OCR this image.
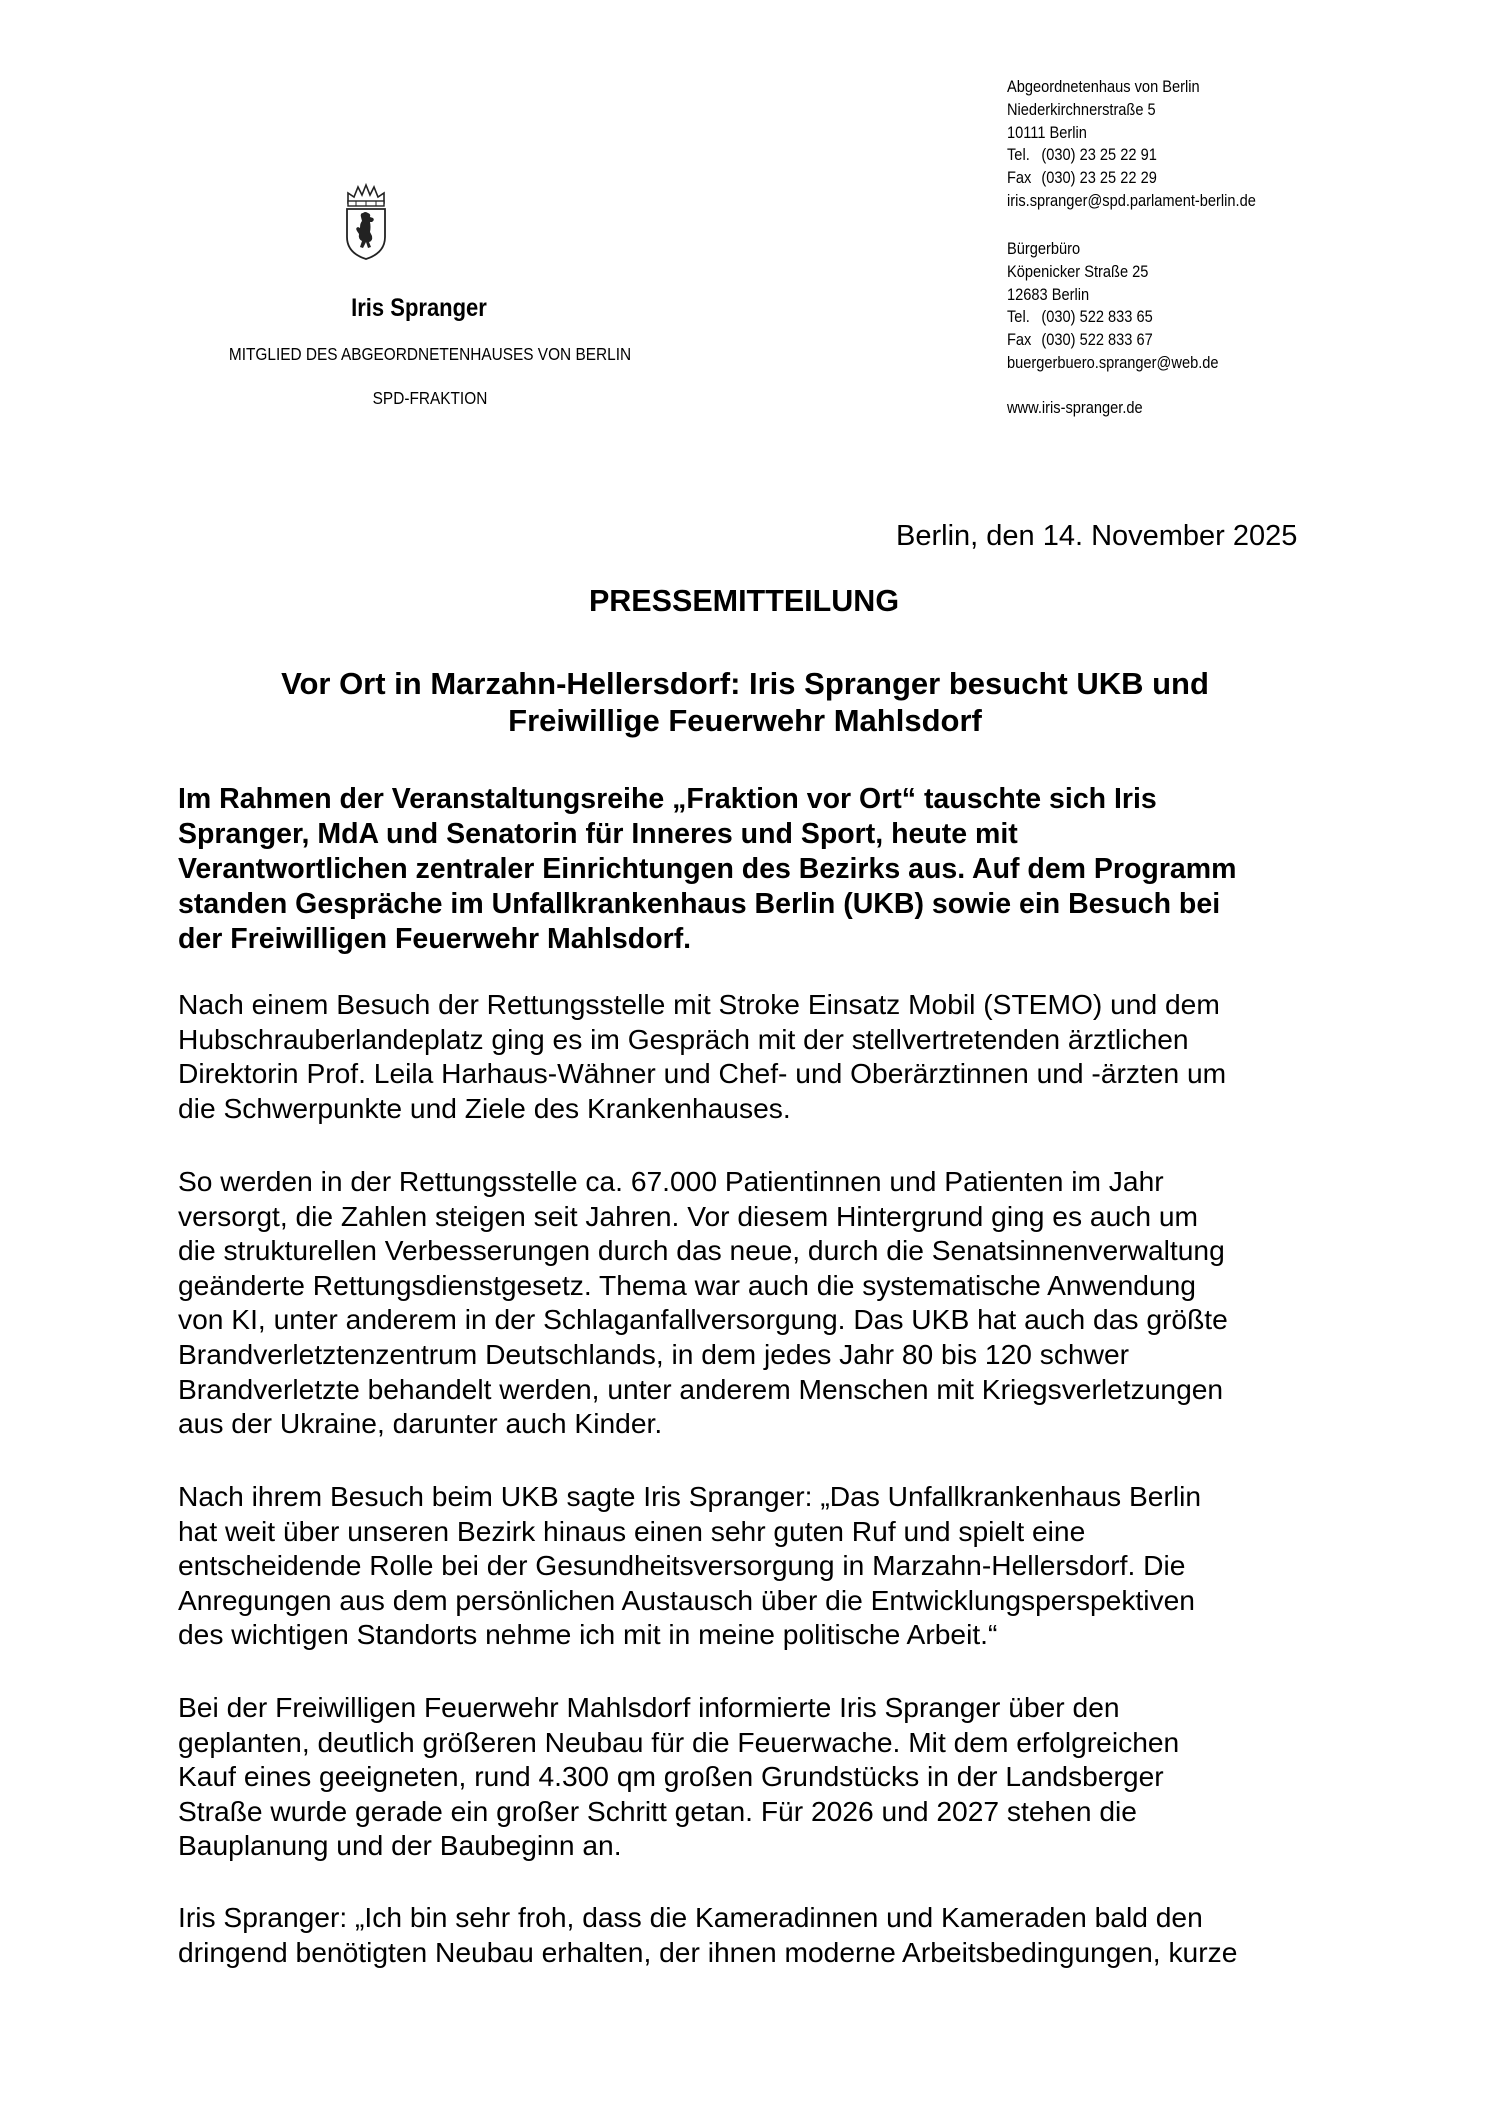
Iris Spranger
MITGLIED DES ABGEORDNETENHAUSES VON BERLIN
SPD-FRAKTION
Abgeordnetenhaus von Berlin
Niederkirchnerstraße 5
10111 Berlin
Tel. (030) 23 25 22 91
Fax (030) 23 25 22 29
iris.spranger@spd.parlament-berlin.de
Bürgerbüro
Köpenicker Straße 25
12683 Berlin
Tel. (030) 522 833 65
Fax (030) 522 833 67
buergerbuero.spranger@web.de
www.iris-spranger.de
Berlin, den 14. November 2025
PRESSEMITTEILUNG
Vor Ort in Marzahn-Hellersdorf: Iris Spranger besucht UKB und
Freiwillige Feuerwehr Mahlsdorf
Im Rahmen der Veranstaltungsreihe „Fraktion vor Ort“ tauschte sich Iris
Spranger, MdA und Senatorin für Inneres und Sport, heute mit
Verantwortlichen zentraler Einrichtungen des Bezirks aus. Auf dem Programm
standen Gespräche im Unfallkrankenhaus Berlin (UKB) sowie ein Besuch bei
der Freiwilligen Feuerwehr Mahlsdorf.
Nach einem Besuch der Rettungsstelle mit Stroke Einsatz Mobil (STEMO) und dem
Hubschrauberlandeplatz ging es im Gespräch mit der stellvertretenden ärztlichen
Direktorin Prof. Leila Harhaus-Wähner und Chef- und Oberärztinnen und -ärzten um
die Schwerpunkte und Ziele des Krankenhauses.
So werden in der Rettungsstelle ca. 67.000 Patientinnen und Patienten im Jahr
versorgt, die Zahlen steigen seit Jahren. Vor diesem Hintergrund ging es auch um
die strukturellen Verbesserungen durch das neue, durch die Senatsinnenverwaltung
geänderte Rettungsdienstgesetz. Thema war auch die systematische Anwendung
von KI, unter anderem in der Schlaganfallversorgung. Das UKB hat auch das größte
Brandverletztenzentrum Deutschlands, in dem jedes Jahr 80 bis 120 schwer
Brandverletzte behandelt werden, unter anderem Menschen mit Kriegsverletzungen
aus der Ukraine, darunter auch Kinder.
Nach ihrem Besuch beim UKB sagte Iris Spranger: „Das Unfallkrankenhaus Berlin
hat weit über unseren Bezirk hinaus einen sehr guten Ruf und spielt eine
entscheidende Rolle bei der Gesundheitsversorgung in Marzahn-Hellersdorf. Die
Anregungen aus dem persönlichen Austausch über die Entwicklungsperspektiven
des wichtigen Standorts nehme ich mit in meine politische Arbeit.“
Bei der Freiwilligen Feuerwehr Mahlsdorf informierte Iris Spranger über den
geplanten, deutlich größeren Neubau für die Feuerwache. Mit dem erfolgreichen
Kauf eines geeigneten, rund 4.300 qm großen Grundstücks in der Landsberger
Straße wurde gerade ein großer Schritt getan. Für 2026 und 2027 stehen die
Bauplanung und der Baubeginn an.
Iris Spranger: „Ich bin sehr froh, dass die Kameradinnen und Kameraden bald den
dringend benötigten Neubau erhalten, der ihnen moderne Arbeitsbedingungen, kurze
